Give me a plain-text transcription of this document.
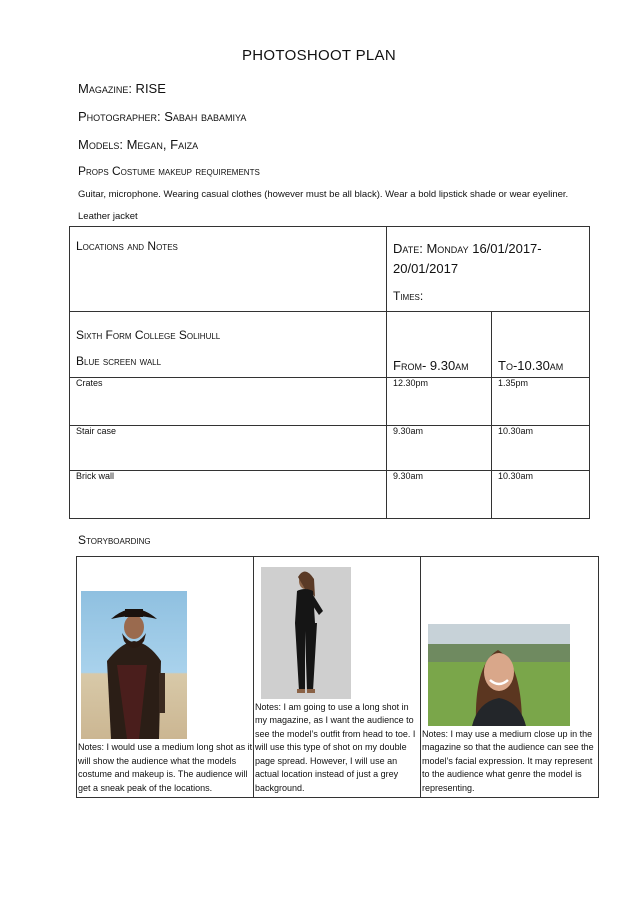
PHOTOSHOOT PLAN
Magazine: RISE
Photographer: Sabah babamiya
Models: Megan, Faiza
Props Costume makeup requirements
Guitar, microphone. Wearing casual clothes (however must be all black). Wear a bold lipstick shade or wear eyeliner. Leather jacket
Locations and Notes	Date: Monday 16/01/2017-20/01/2017
Times:	

Sixth Form College Solihull
Blue screen wall	From- 9.30am	To-10.30am
Crates	12.30pm	1.35pm
Stair case	9.30am	10.30am
Brick wall	9.30am	10.30am
Storyboarding
Notes: I would use a medium long shot as it will show the audience what the models costume and makeup is. The audience will get a sneak peak of the locations.

Notes: I am going to use a long shot in my magazine, as I want the audience to see the model’s outfit from head to toe. I will use this type of shot on my double page spread. However, I will use an actual location instead of just a grey background.

Notes: I may use a medium close up in the magazine so that the audience can see the model’s facial expression. It may represent to the audience what genre the model is representing.
